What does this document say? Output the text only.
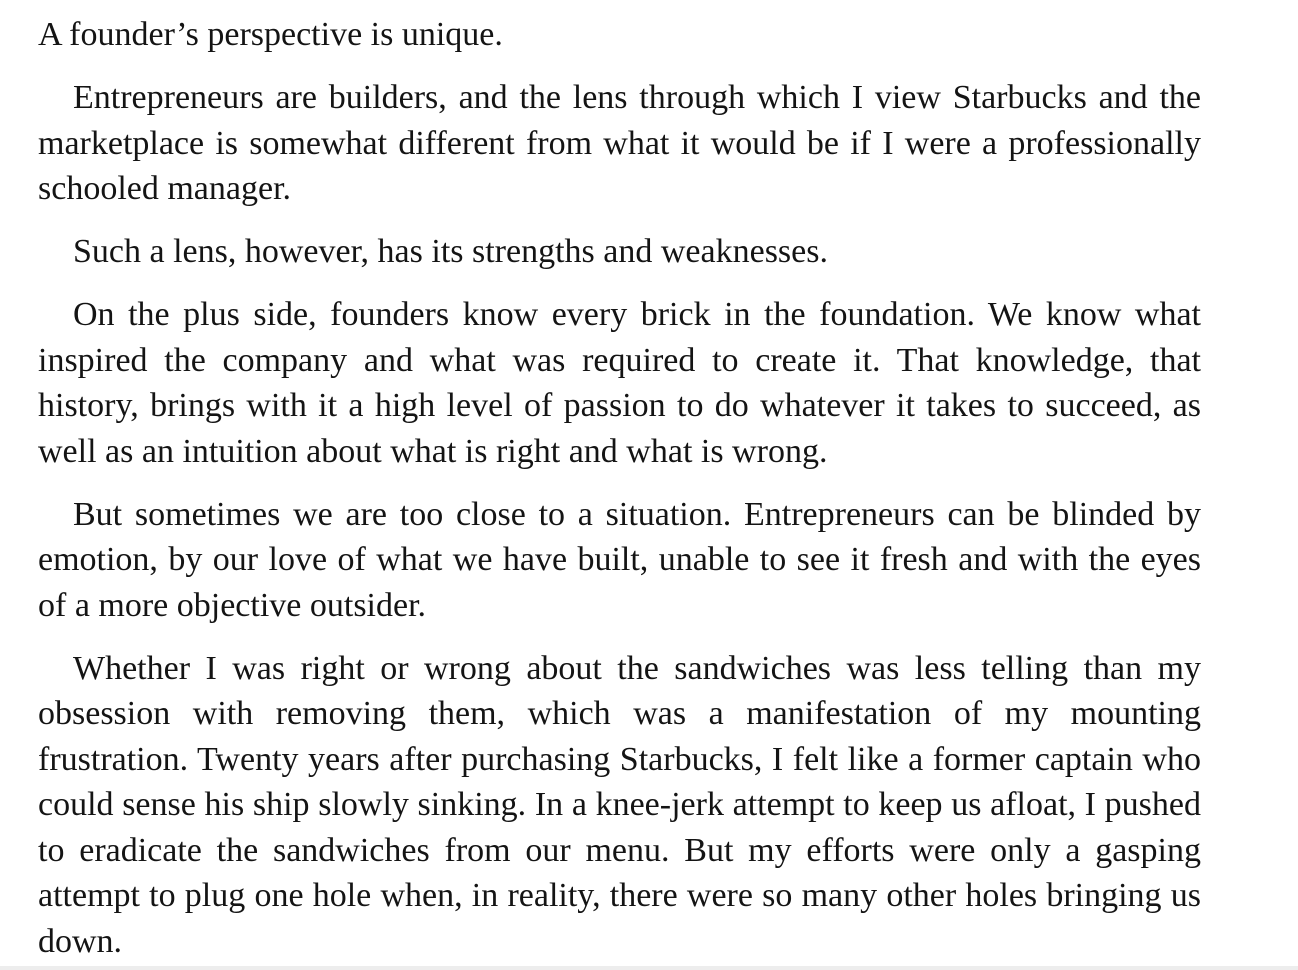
A founder’s perspective is unique.

Entrepreneurs are builders, and the lens through which I view Starbucks and the marketplace is somewhat different from what it would be if I were a professionally schooled manager.

Such a lens, however, has its strengths and weaknesses.

On the plus side, founders know every brick in the foundation. We know what inspired the company and what was required to create it. That knowledge, that history, brings with it a high level of passion to do whatever it takes to succeed, as well as an intuition about what is right and what is wrong.

But sometimes we are too close to a situation. Entrepreneurs can be blinded by emotion, by our love of what we have built, unable to see it fresh and with the eyes of a more objective outsider.

Whether I was right or wrong about the sandwiches was less telling than my obsession with removing them, which was a manifestation of my mounting frustration. Twenty years after purchasing Starbucks, I felt like a former captain who could sense his ship slowly sinking. In a knee-jerk attempt to keep us afloat, I pushed to eradicate the sandwiches from our menu. But my efforts were only a gasping attempt to plug one hole when, in reality, there were so many other holes bringing us down.
